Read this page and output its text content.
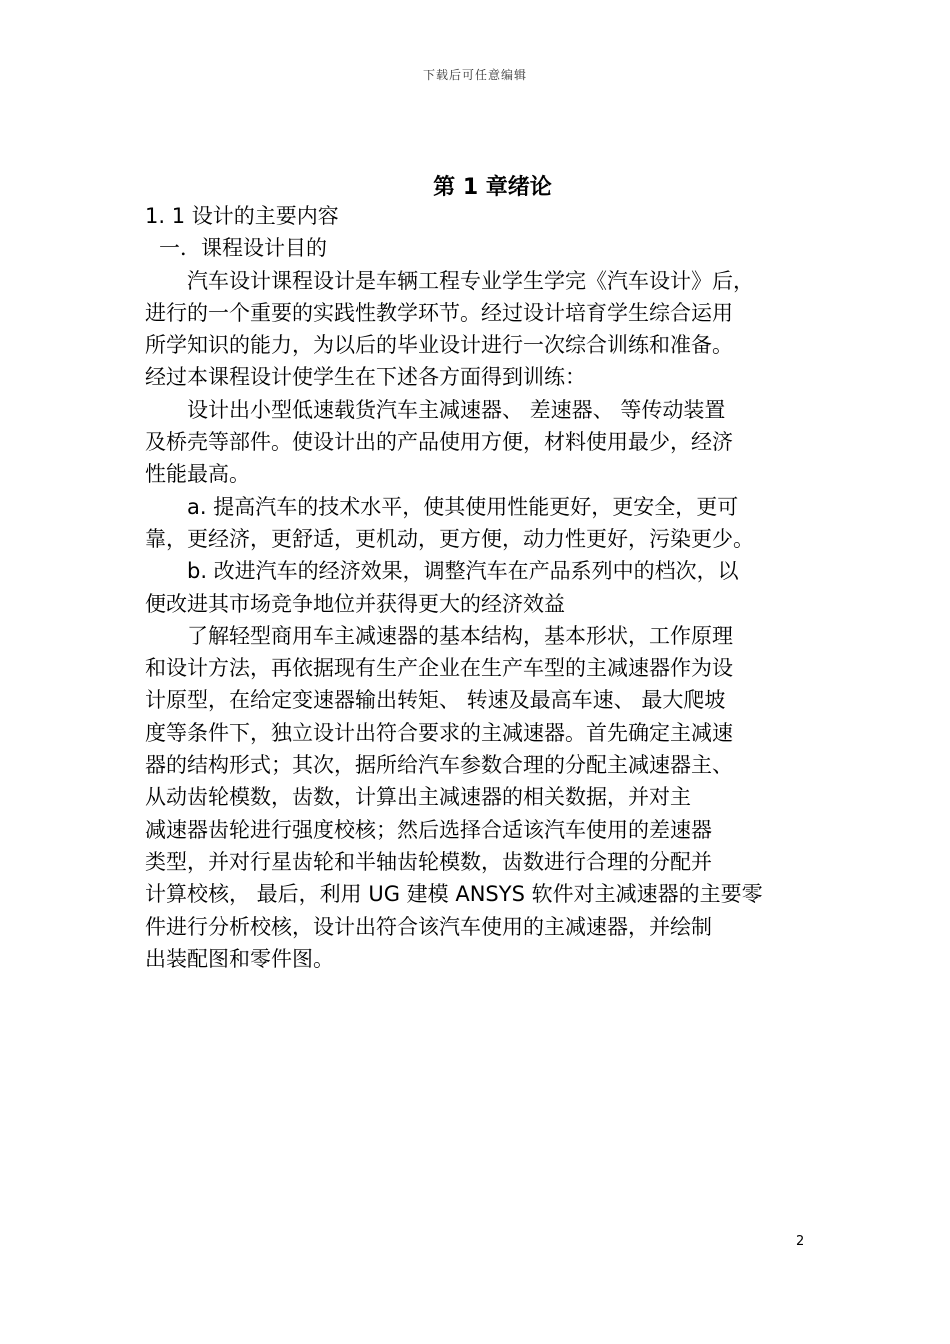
下载后可任意编辑
第 1 章绪论
1. 1 设计的主要内容
一．课程设计目的
汽车设计课程设计是车辆工程专业学生学完《汽车设计》后，
进行的一个重要的实践性教学环节。经过设计培育学生综合运用
所学知识的能力，为以后的毕业设计进行一次综合训练和准备。
经过本课程设计使学生在下述各方面得到训练：
设计出小型低速载货汽车主减速器、 差速器、 等传动装置
及桥壳等部件。使设计出的产品使用方便，材料使用最少，经济
性能最高。
a. 提高汽车的技术水平，使其使用性能更好，更安全，更可
靠，更经济，更舒适，更机动，更方便，动力性更好，污染更少。
b. 改进汽车的经济效果，调整汽车在产品系列中的档次，以
便改进其市场竞争地位并获得更大的经济效益
了解轻型商用车主减速器的基本结构，基本形状，工作原理
和设计方法，再依据现有生产企业在生产车型的主减速器作为设
计原型，在给定变速器输出转矩、 转速及最高车速、 最大爬坡
度等条件下，独立设计出符合要求的主减速器。首先确定主减速
器的结构形式；其次，据所给汽车参数合理的分配主减速器主、
从动齿轮模数，齿数，计算出主减速器的相关数据，并对主
减速器齿轮进行强度校核；然后选择合适该汽车使用的差速器
类型，并对行星齿轮和半轴齿轮模数，齿数进行合理的分配并
计算校核， 最后，利用 UG 建模 ANSYS 软件对主减速器的主要零
件进行分析校核，设计出符合该汽车使用的主减速器，并绘制
出装配图和零件图。
2
